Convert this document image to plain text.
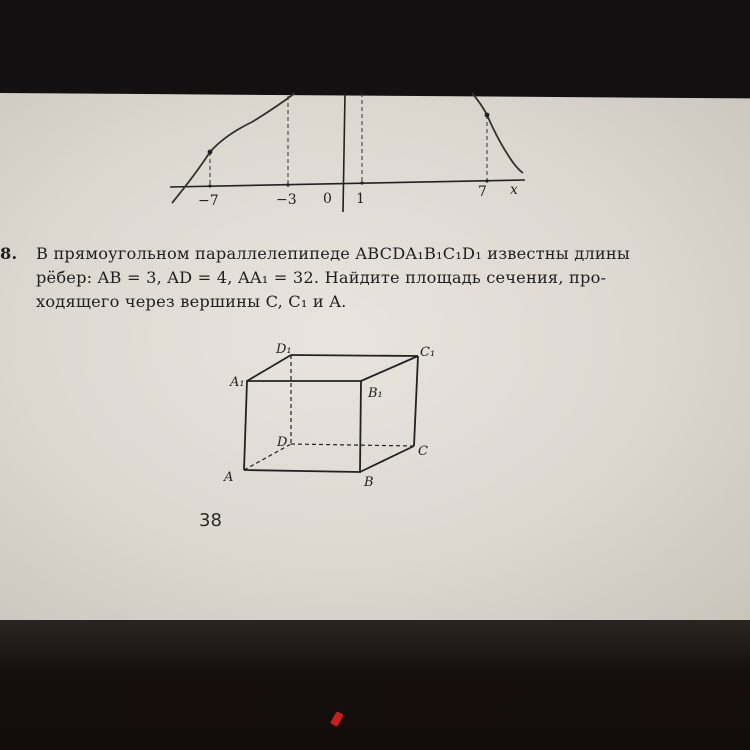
−7	−3 0 1	7 x
8. В прямоугольном параллелепипеде ABCDA₁B₁C₁D₁ известны длины
рёбер: AB = 3, AD = 4, AA₁ = 32. Найдите площадь сечения, про-
ходящего через вершины C, C₁ и A.
A	B
C
D
A₁
B₁
C₁
D₁
38
